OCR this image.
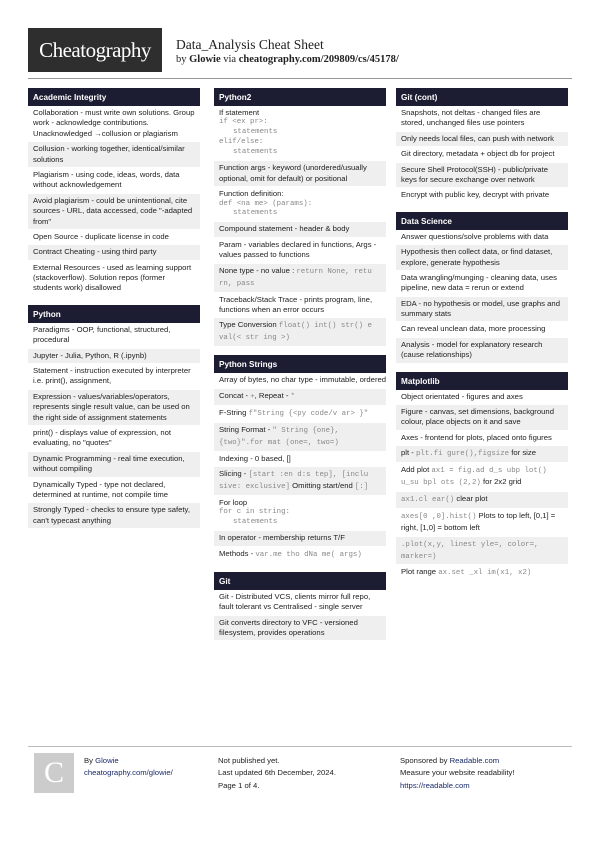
Cheatography	Data_Analysis Cheat Sheet
by Glowie via cheatography.com/209809/cs/45178/
Academic Integrity
Collaboration - must write own solutions. Group work - acknowledge contributions. Unacknowledged →collusion or plagiarism
Collusion - working together, identical/similar solutions
Plagiarism - using code, ideas, words, data without acknowledgement
Avoid plagiarism - could be unintentional, cite sources - URL, data accessed, code "-adapted from"
Open Source - duplicate license in code
Contract Cheating - using third party
External Resources - used as learning support (stackoverflow). Solution repos (former students work) disallowed
Python
Paradigms - OOP, functional, structured, procedural
Jupyter - Julia, Python, R (.ipynb)
Statement - instruction executed by interpreter i.e. print(), assignment,
Expression - values/variables/operators, represents single result value, can be used on the right side of assignment statements
print() - displays value of expression, not evaluating, no "quotes"
Dynamic Programming - real time execution, without compiling
Dynamically Typed - type not declared, determined at runtime, not compile time
Strongly Typed - checks to ensure type safety, can't typecast anything
Python2
If statement
if <ex pr>:
statements
elif/else:
statements
Function args - keyword (unordered/usually optional, omit for default) or positional
Function definition:
def <na me> (params):
statements
Compound statement - header & body
Param - variables declared in functions, Args - values passed to functions
None type - no value : return None, retu rn, pass
Traceback/Stack Trace - prints program, line, functions when an error occurs
Type Conversion float() int() str() e val(< str ing >)
Python Strings
Array of bytes, no char type - immutable, ordered
Concat - +, Repeat - *
F-String f"String {<py code/v ar> }"
String Format - " String {one}, {two}".for mat (one=, two=)
Indexing - 0 based, []
Slicing - [start :en d:s tep], [inclu sive: exclusive] Omitting start/end [:]
For loop
for c in string:
statements
In operator - membership returns T/F
Methods - var.me tho dNa me( args)
Git
Git - Distributed VCS, clients mirror full repo, fault tolerant vs Centralised - single server
Git converts directory to VFC - versioned filesystem, provides operations
Git (cont)
Snapshots, not deltas - changed files are stored, unchanged files use pointers
Only needs local files, can push with network
Git directory, metadata + object db for project
Secure Shell Protocol(SSH) - public/private keys for secure exchange over network
Encrypt with public key, decrypt with private
Data Science
Answer questions/solve problems with data
Hypothesis then collect data, or find dataset, explore, generate hypothesis
Data wrangling/munging - cleaning data, uses pipeline, new data = rerun or extend
EDA - no hypothesis or model, use graphs and summary stats
Can reveal unclean data, more processing
Analysis - model for explanatory research (cause relationships)
Matplotlib
Object orientated - figures and axes
Figure - canvas, set dimensions, background colour, place objects on it and save
Axes - frontend for plots, placed onto figures
plt - plt.fi gure(),figsize for size
Add plot ax1 = fig.ad d_s ubp lot() u_su bpl ots (2,2) for 2x2 grid
ax1.cl ear() clear plot
axes[0 ,0].hist() Plots to top left, [0,1] = right, [1,0] = bottom left
.plot(x,y, linest yle=, color=, marker=)
Plot range ax.set _xl im(x1, x2)
C	By Glowie
cheatography.com/glowie/
Not published yet.
Last updated 6th December, 2024.
Page 1 of 4.
Sponsored by Readable.com
Measure your website readability!
https://readable.com
